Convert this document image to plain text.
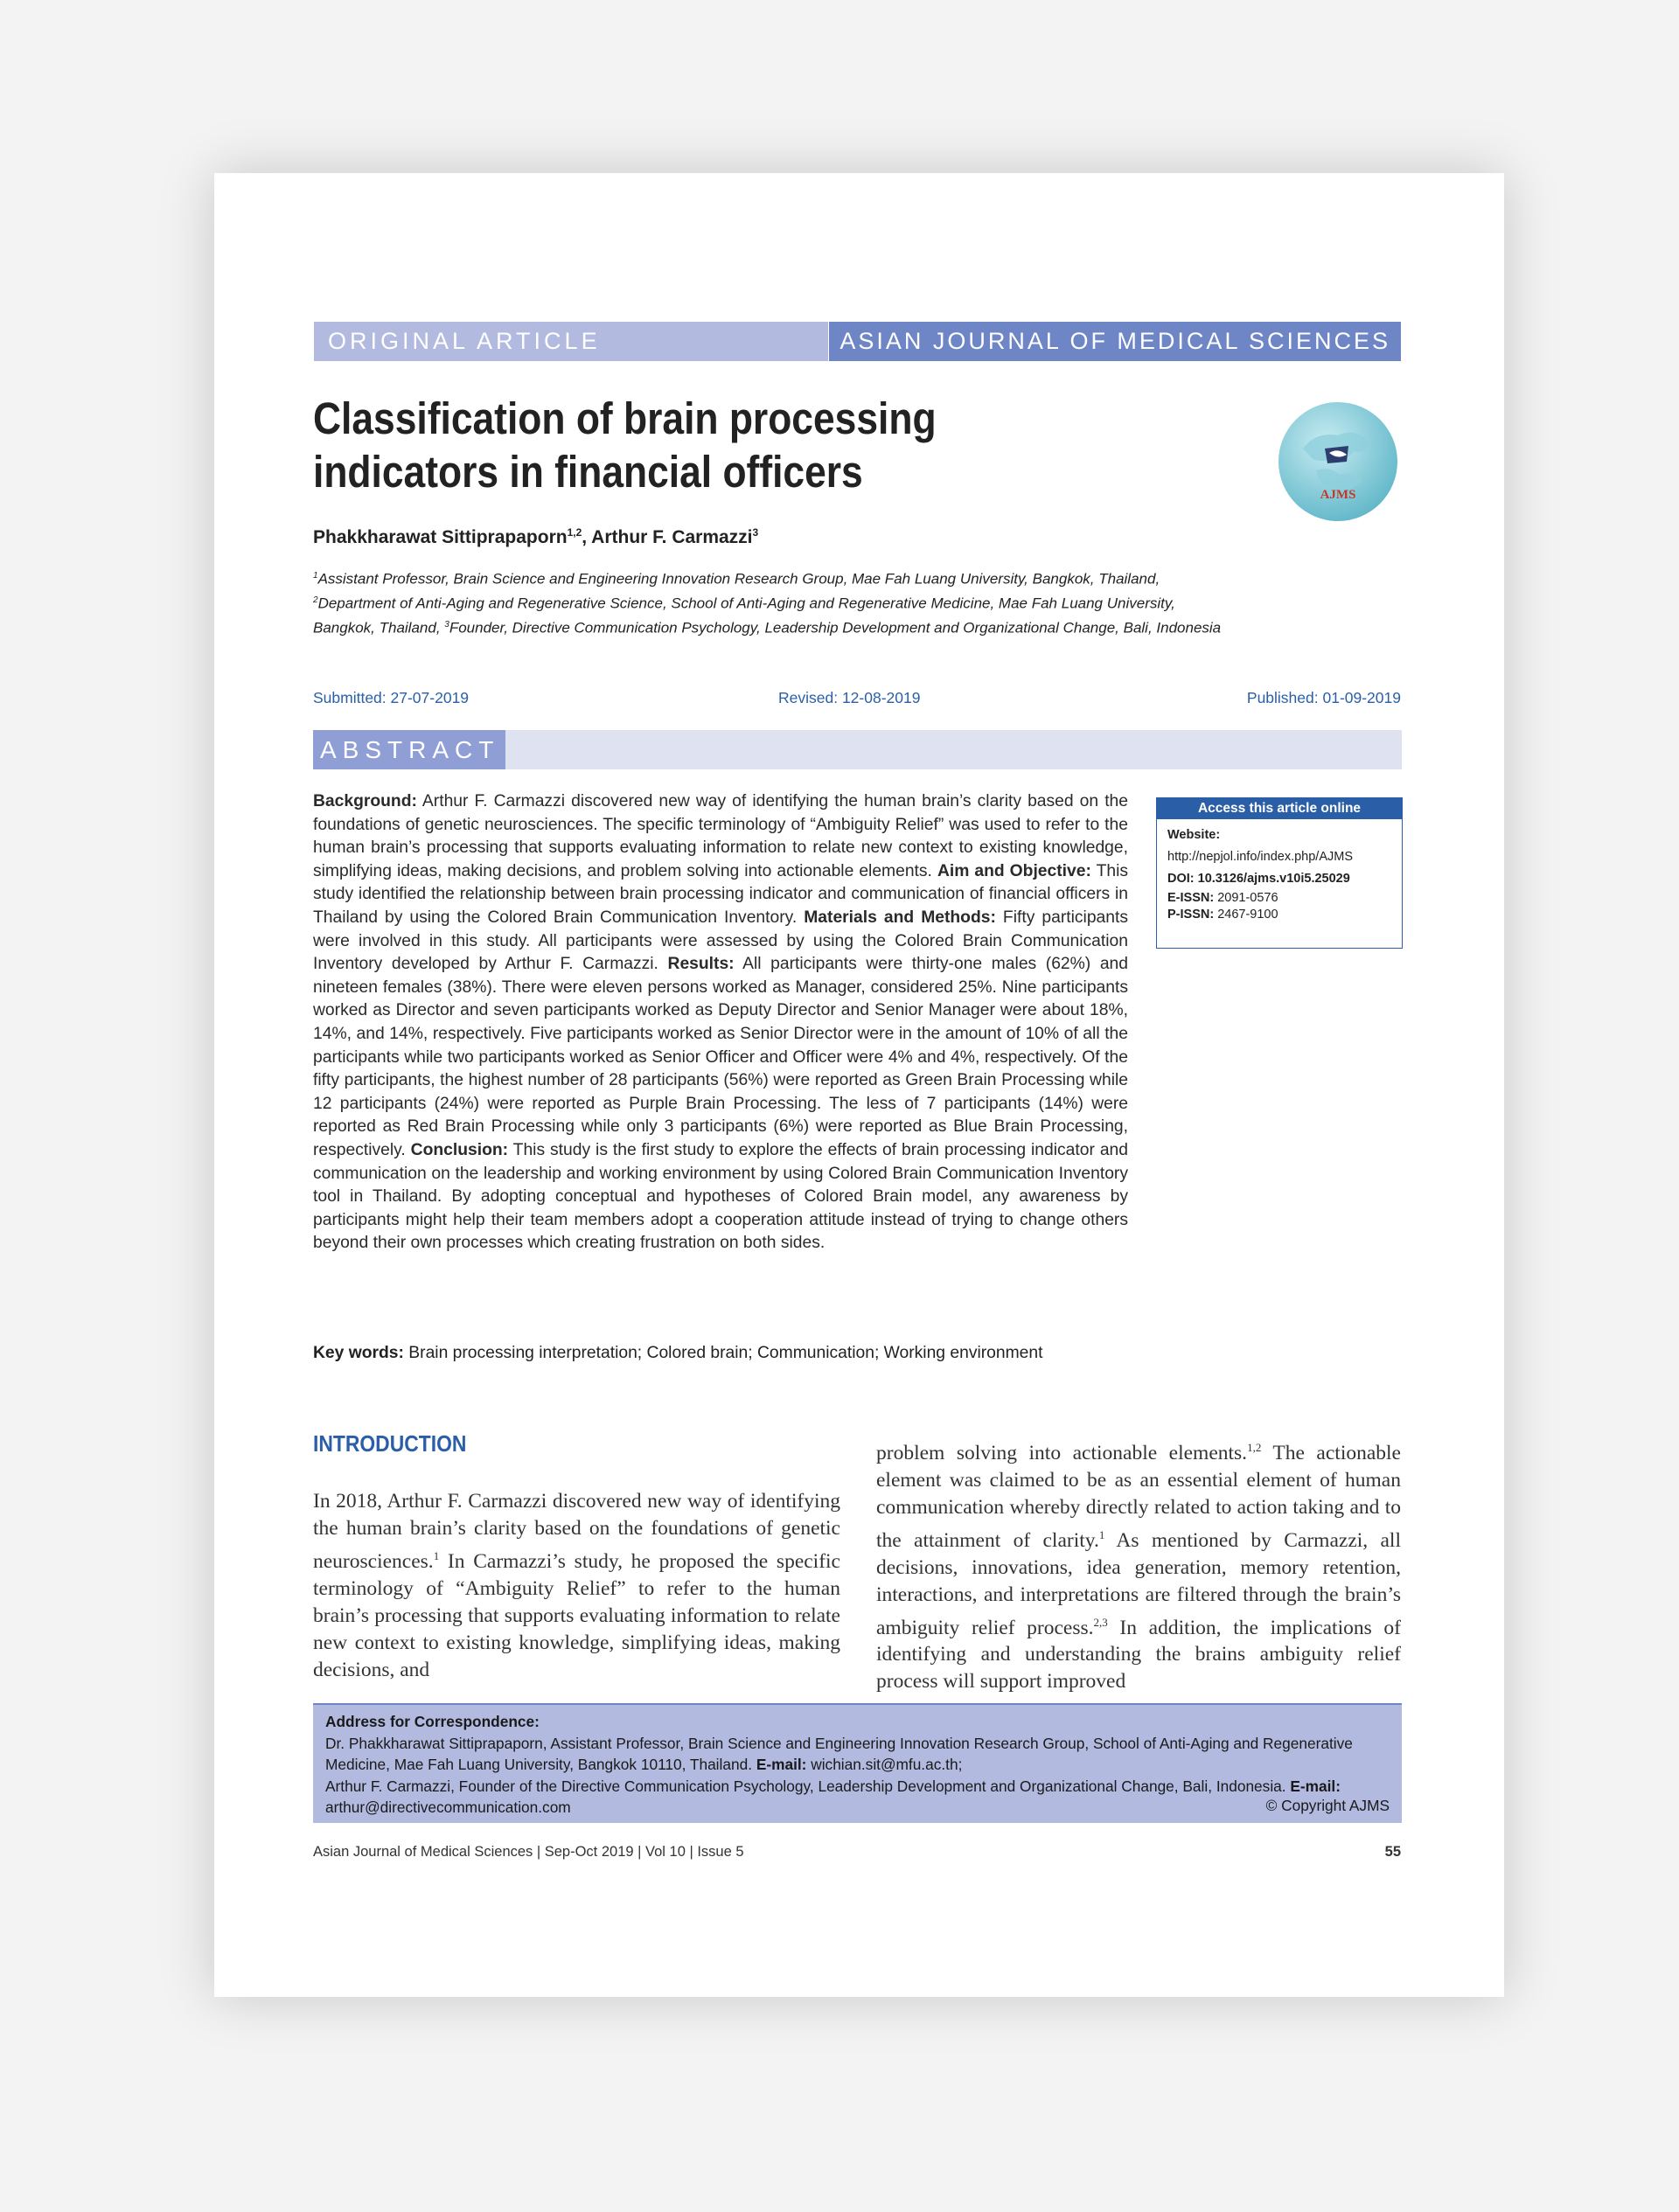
ORIGINAL ARTICLE	ASIAN JOURNAL OF MEDICAL SCIENCES
Classification of brain processing indicators in financial officers	AJMS
Phakkharawat Sittiprapaporn$^{1,2}$, Arthur F. Carmazzi$^3$
$^1$Assistant Professor, Brain Science and Engineering Innovation Research Group, Mae Fah Luang University, Bangkok, Thailand, $^2$Department of Anti-Aging and Regenerative Science, School of Anti-Aging and Regenerative Medicine, Mae Fah Luang University, Bangkok, Thailand, $^3$Founder, Directive Communication Psychology, Leadership Development and Organizational Change, Bali, Indonesia
Submitted: 27-07-2019	Revised: 12-08-2019	Published: 01-09-2019
ABSTRACT
Background: Arthur F. Carmazzi discovered new way of identifying the human brain’s clarity based on the foundations of genetic neurosciences. The specific terminology of “Ambiguity Relief” was used to refer to the human brain’s processing that supports evaluating information to relate new context to existing knowledge, simplifying ideas, making decisions, and problem solving into actionable elements. Aim and Objective: This study identified the relationship between brain processing indicator and communication of financial officers in Thailand by using the Colored Brain Communication Inventory. Materials and Methods: Fifty participants were involved in this study. All participants were assessed by using the Colored Brain Communication Inventory developed by Arthur F. Carmazzi. Results: All participants were thirty-one males (62%) and nineteen females (38%). There were eleven persons worked as Manager, considered 25%. Nine participants worked as Director and seven participants worked as Deputy Director and Senior Manager were about 18%, 14%, and 14%, respectively. Five participants worked as Senior Director were in the amount of 10% of all the participants while two participants worked as Senior Officer and Officer were 4% and 4%, respectively. Of the fifty participants, the highest number of 28 participants (56%) were reported as Green Brain Processing while 12 participants (24%) were reported as Purple Brain Processing. The less of 7 participants (14%) were reported as Red Brain Processing while only 3 participants (6%) were reported as Blue Brain Processing, respectively. Conclusion: This study is the first study to explore the effects of brain processing indicator and communication on the leadership and working environment by using Colored Brain Communication Inventory tool in Thailand. By adopting conceptual and hypotheses of Colored Brain model, any awareness by participants might help their team members adopt a cooperation attitude instead of trying to change others beyond their own processes which creating frustration on both sides.
Key words: Brain processing interpretation; Colored brain; Communication; Working environment
Access this article online
Website:
http://nepjol.info/index.php/AJMS
DOI: 10.3126/ajms.v10i5.25029
E-ISSN: 2091-0576
P-ISSN: 2467-9100
INTRODUCTION
In 2018, Arthur F. Carmazzi discovered new way of identifying the human brain’s clarity based on the foundations of genetic neurosciences.$^1$ In Carmazzi’s study, he proposed the specific terminology of “Ambiguity Relief” to refer to the human brain’s processing that supports evaluating information to relate new context to existing knowledge, simplifying ideas, making decisions, and
problem solving into actionable elements.$^{1,2}$ The actionable element was claimed to be as an essential element of human communication whereby directly related to action taking and to the attainment of clarity.$^1$ As mentioned by Carmazzi, all decisions, innovations, idea generation, memory retention, interactions, and interpretations are filtered through the brain’s ambiguity relief process.$^{2,3}$ In addition, the implications of identifying and understanding the brains ambiguity relief process will support improved
Address for Correspondence:
Dr. Phakkharawat Sittiprapaporn, Assistant Professor, Brain Science and Engineering Innovation Research Group, School of Anti-Aging and Regenerative Medicine, Mae Fah Luang University, Bangkok 10110, Thailand. E-mail: wichian.sit@mfu.ac.th;
Arthur F. Carmazzi, Founder of the Directive Communication Psychology, Leadership Development and Organizational Change, Bali, Indonesia. E-mail: arthur@directivecommunication.com	© Copyright AJMS
Asian Journal of Medical Sciences | Sep-Oct 2019 | Vol 10 | Issue 5	55
